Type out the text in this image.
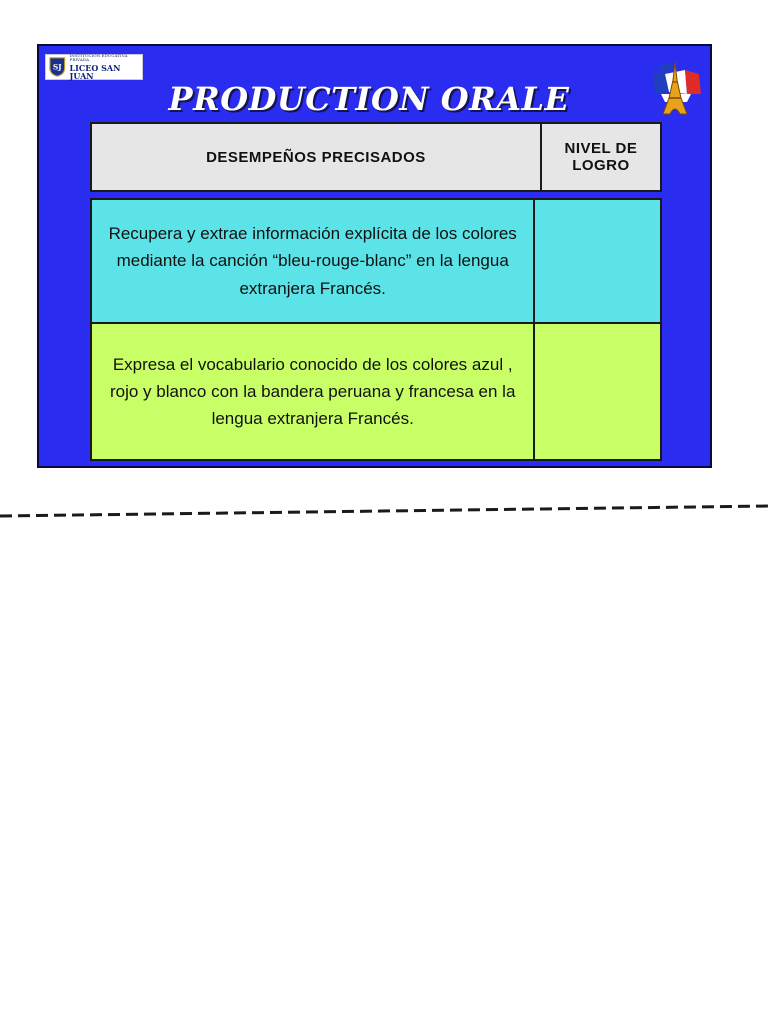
SJ
INSTITUCIÓN EDUCATIVA PRIVADA
LICEO SAN JUAN
PRODUCTION ORALE
DESEMPEÑOS PRECISADOS	NIVEL DE LOGRO
Recupera y extrae información explícita de los colores mediante la canción “bleu-rouge-blanc” en la lengua extranjera Francés.	
Expresa el vocabulario conocido de los colores azul , rojo y blanco con la bandera peruana y francesa en la lengua extranjera Francés.	
